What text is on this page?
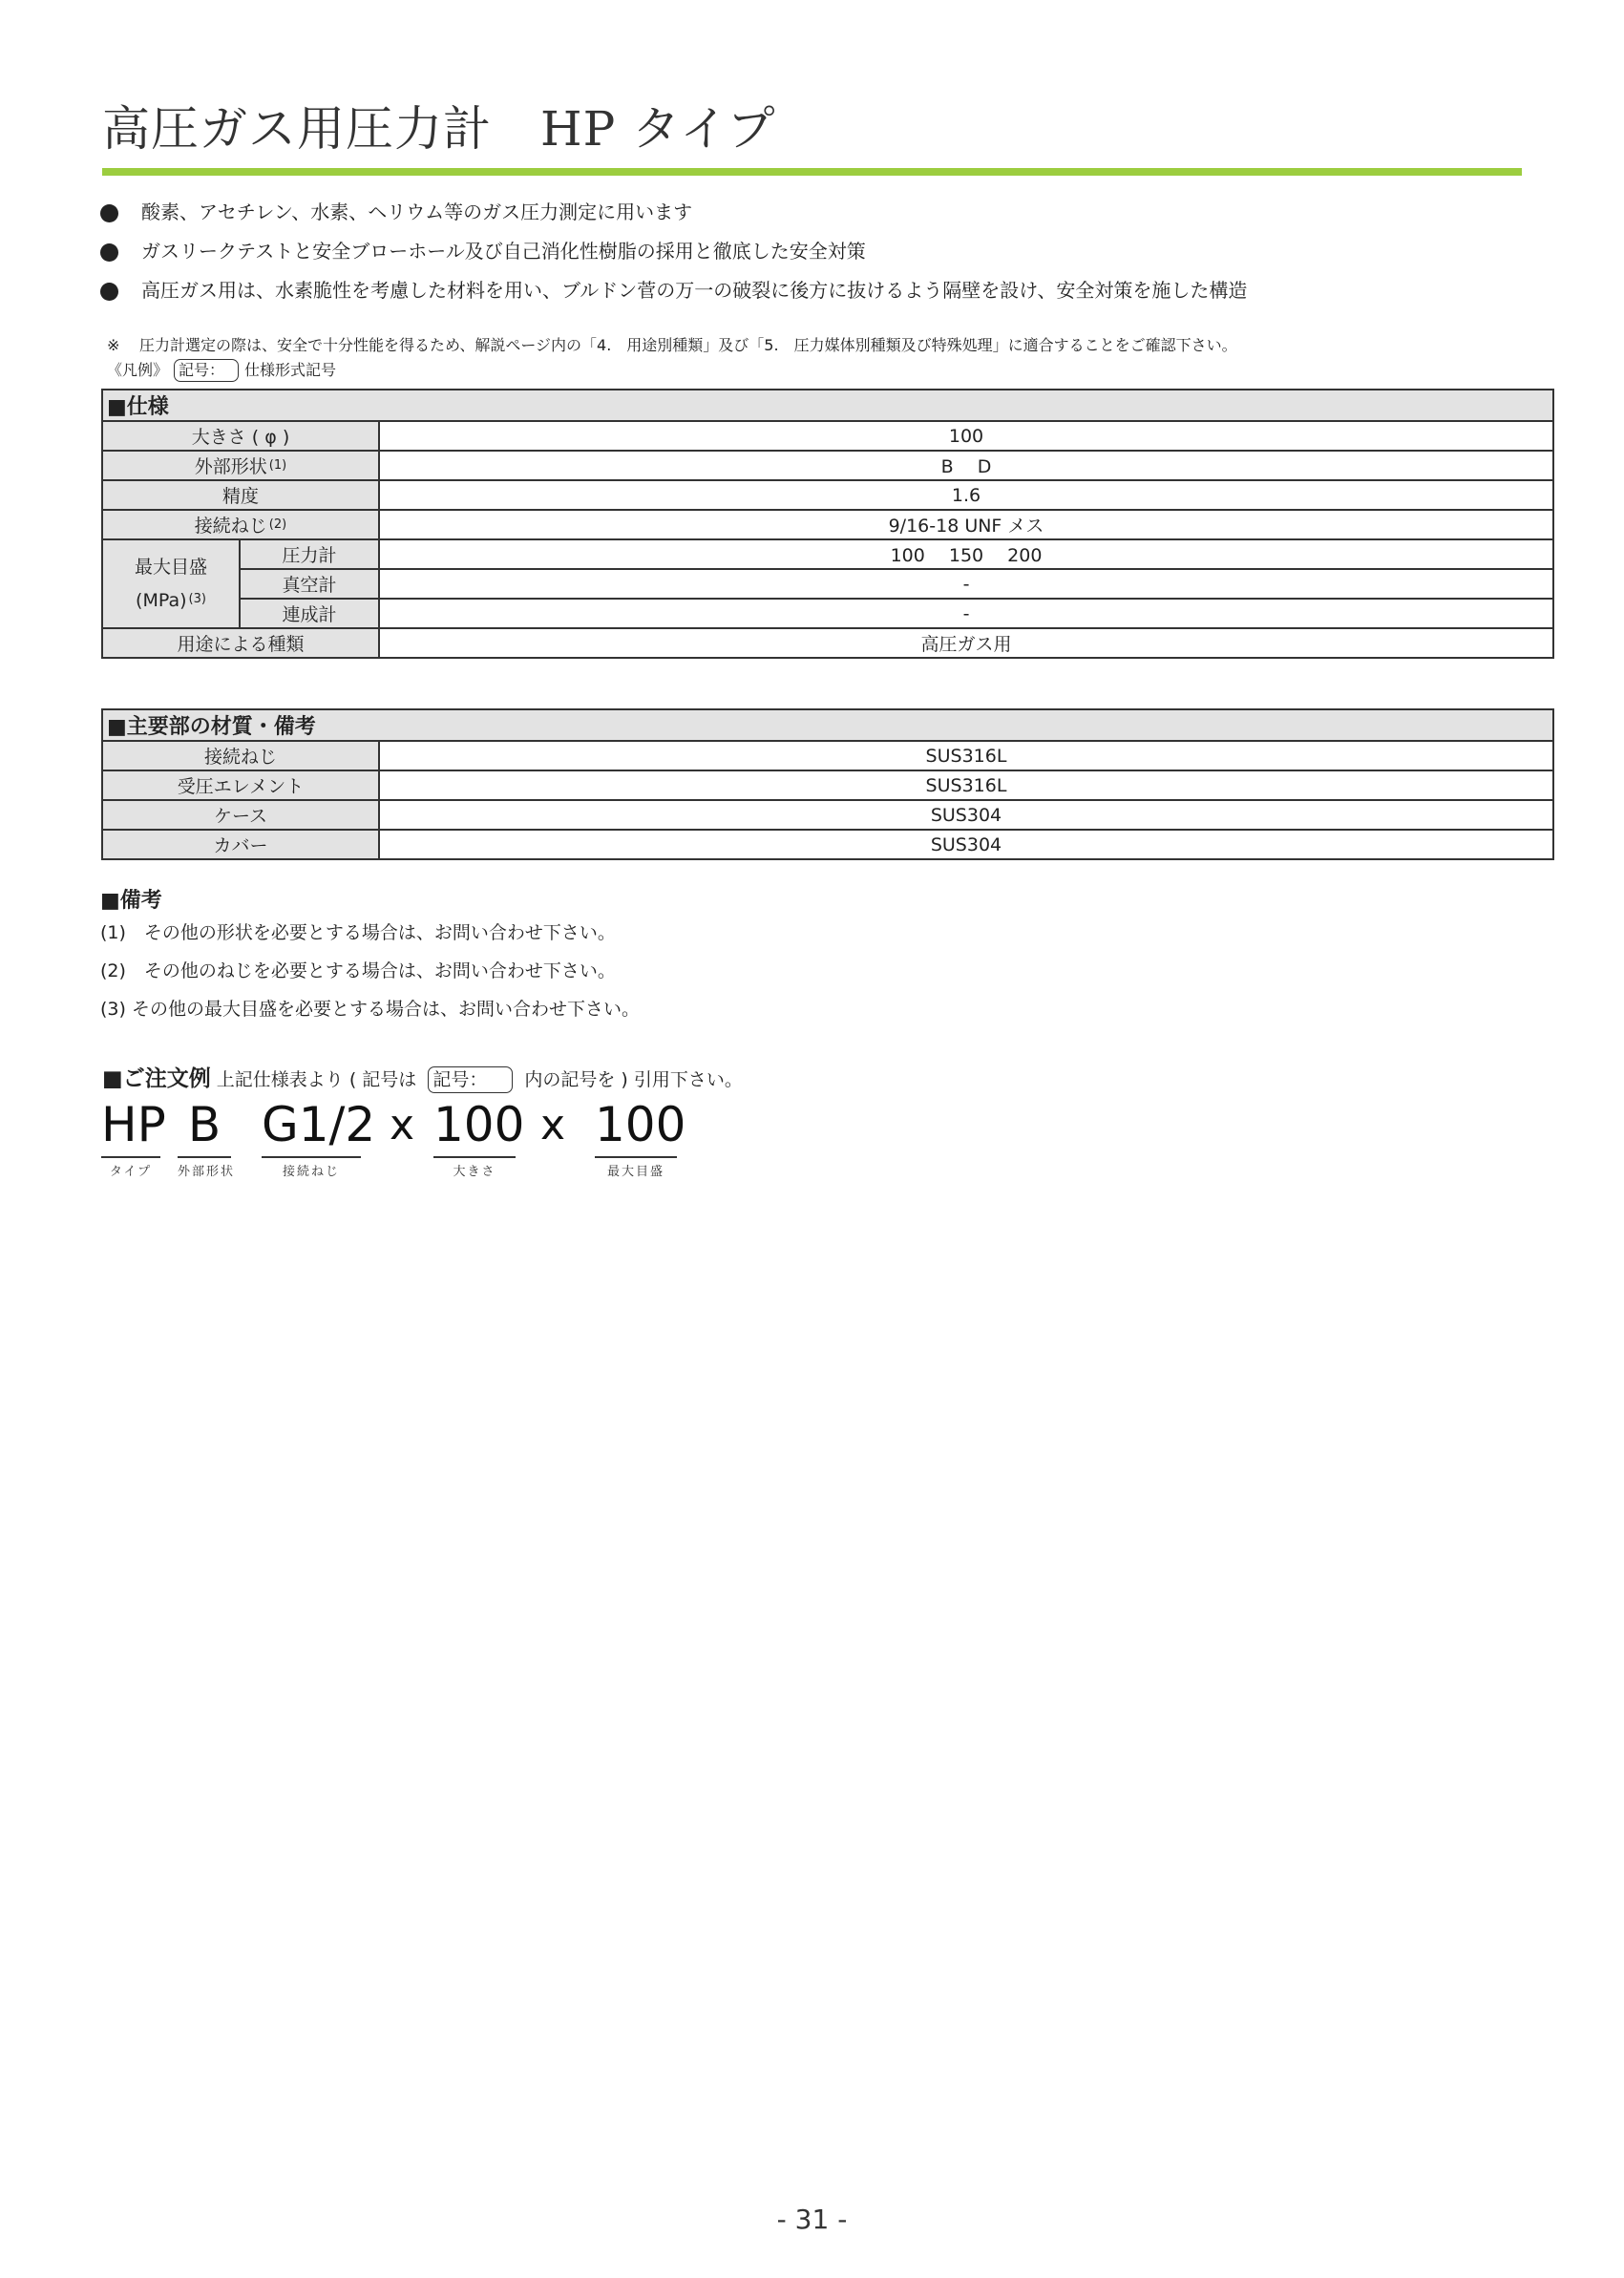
高圧ガス用圧力計　HP タイプ
酸素、アセチレン、水素、ヘリウム等のガス圧力測定に用います
ガスリークテストと安全ブローホール及び自己消化性樹脂の採用と徹底した安全対策
高圧ガス用は、水素脆性を考慮した材料を用い、ブルドン菅の万一の破裂に後方に抜けるよう隔壁を設け、安全対策を施した構造
※ 圧力計選定の際は、安全で十分性能を得るため、解説ページ内の「4.　用途別種類」及び「5.　圧力媒体別種類及び特殊処理」に適合することをご確認下さい。
《凡例》 記号： 仕様形式記号
■仕様		
大きさ ( φ )		100
外部形状 $^{(1)}$		B　 D
精度		1.6
接続ねじ $^{(2)}$		9/16-18 UNF メス

最大目盛
(MPa) $^{(3)}$	圧力計	100　 150　 200
	真空計	-
	連成計	-
用途による種類		高圧ガス用
■主要部の材質・備考	
接続ねじ	SUS316L
受圧エレメント	SUS316L
ケース	SUS304
カバー	SUS304
■備考
(1)　その他の形状を必要とする場合は、お問い合わせ下さい。
(2)　その他のねじを必要とする場合は、お問い合わせ下さい。
(3) その他の最大目盛を必要とする場合は、お問い合わせ下さい。
■ご注文例 上記仕様表より ( 記号は 記号： 内の記号を ) 引用下さい。
HP
タイプ
B
外部形状
G1/2
接続ねじ
x 100
大きさ
x 100
最大目盛
- 31 -
